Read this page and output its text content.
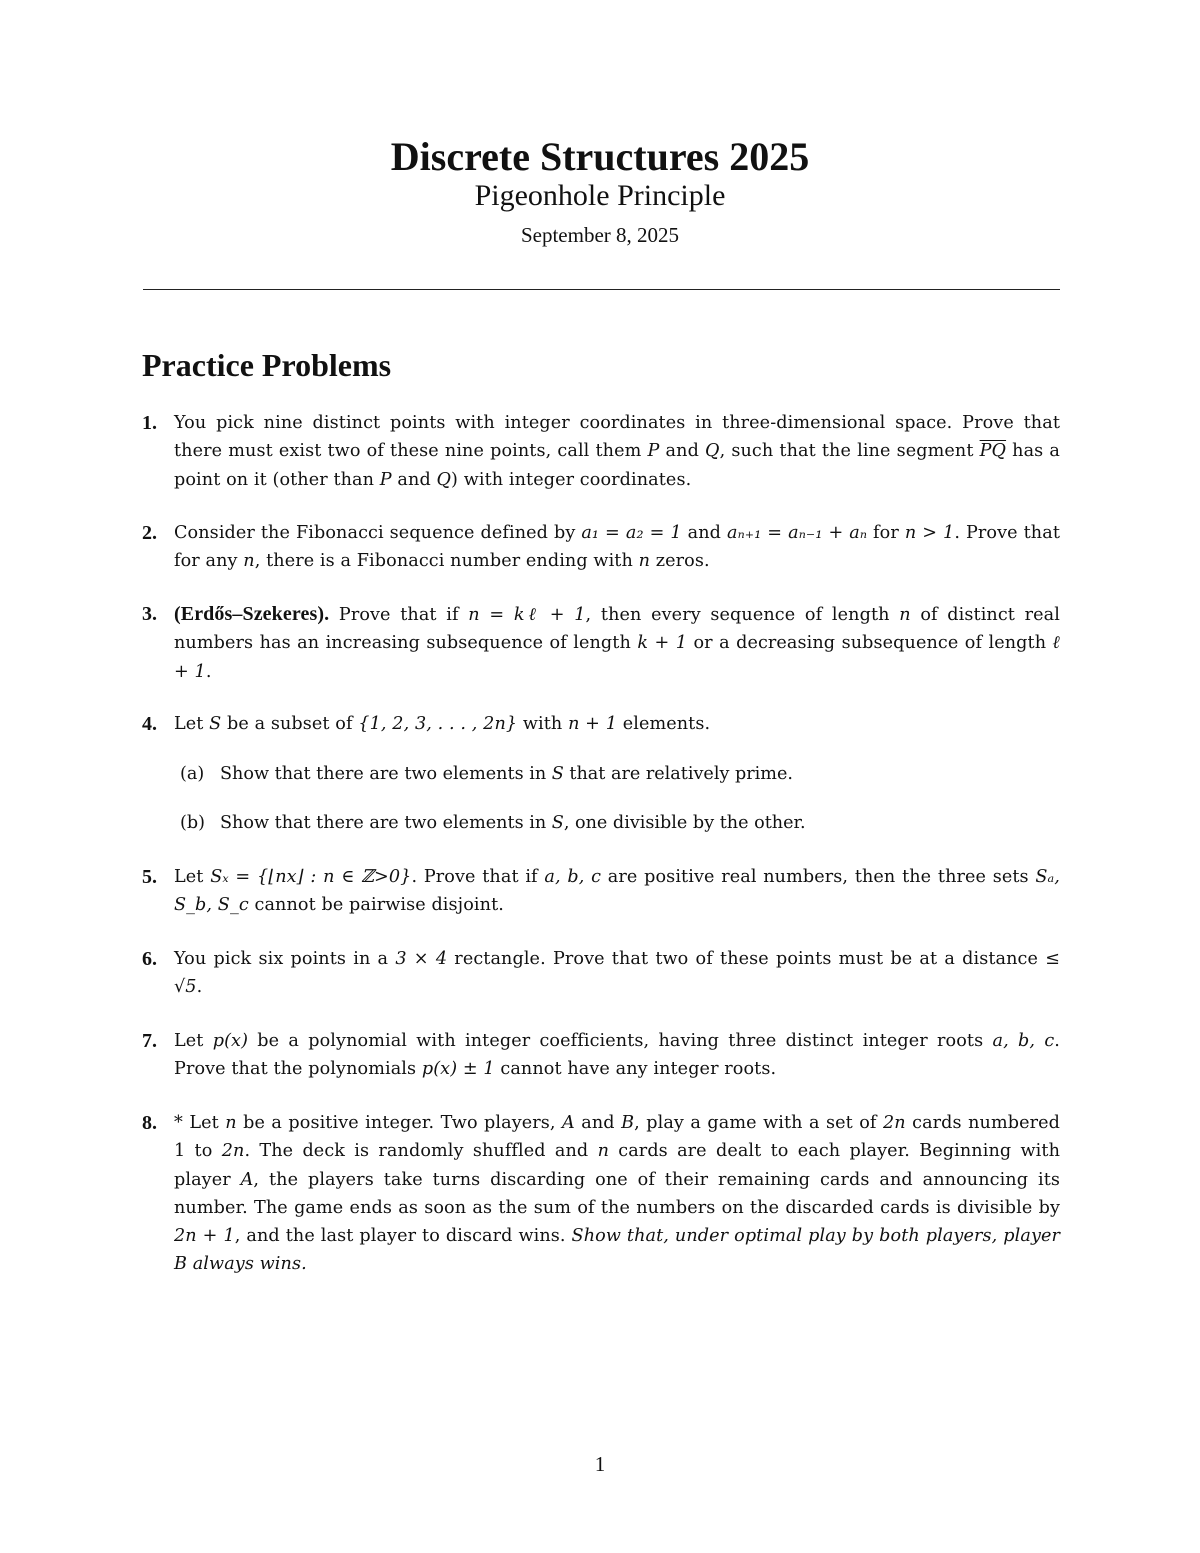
Discrete Structures 2025
Pigeonhole Principle
September 8, 2025
Practice Problems
1. You pick nine distinct points with integer coordinates in three-dimensional space. Prove that there must exist two of these nine points, call them P and Q, such that the line segment $\overline{PQ}$ has a point on it (other than P and Q) with integer coordinates.
2. Consider the Fibonacci sequence defined by a₁ = a₂ = 1 and aₙ₊₁ = aₙ₋₁ + aₙ for n > 1. Prove that for any n, there is a Fibonacci number ending with n zeros.
3. (Erdős–Szekeres). Prove that if n = kℓ + 1, then every sequence of length n of distinct real numbers has an increasing subsequence of length k + 1 or a decreasing subsequence of length ℓ + 1.
4. Let S be a subset of {1, 2, 3, . . . , 2n} with n + 1 elements.
(a) Show that there are two elements in S that are relatively prime.
(b) Show that there are two elements in S, one divisible by the other.
5. Let Sₓ = {⌊nx⌋ : n ∈ ℤ>0}. Prove that if a, b, c are positive real numbers, then the three sets Sₐ, S_b, S_c cannot be pairwise disjoint.
6. You pick six points in a 3 × 4 rectangle. Prove that two of these points must be at a distance ≤ √5.
7. Let p(x) be a polynomial with integer coefficients, having three distinct integer roots a, b, c. Prove that the polynomials p(x) ± 1 cannot have any integer roots.
8. * Let n be a positive integer. Two players, A and B, play a game with a set of 2n cards numbered 1 to 2n. The deck is randomly shuffled and n cards are dealt to each player. Beginning with player A, the players take turns discarding one of their remaining cards and announcing its number. The game ends as soon as the sum of the numbers on the discarded cards is divisible by 2n + 1, and the last player to discard wins. Show that, under optimal play by both players, player B always wins.
1
